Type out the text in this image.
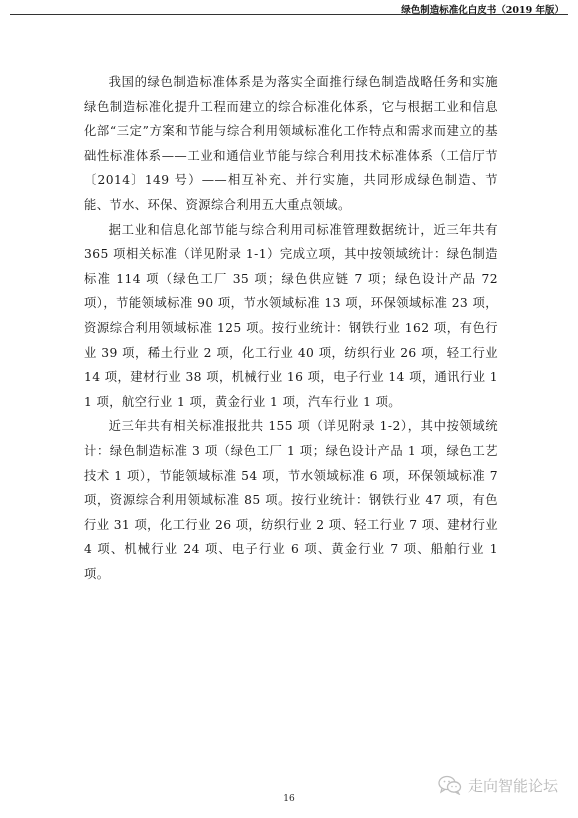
绿色制造标准化白皮书（2019 年版）

我国的绿色制造标准体系是为落实全面推行绿色制造战略任务和实施绿色制造标准化提升工程而建立的综合标准化体系，它与根据工业和信息化部“三定”方案和节能与综合利用领域标准化工作特点和需求而建立的基础性标准体系——工业和通信业节能与综合利用技术标准体系（工信厅节〔2014〕149 号）——相互补充、并行实施，共同形成绿色制造、节能、节水、环保、资源综合利用五大重点领域。

据工业和信息化部节能与综合利用司标准管理数据统计，近三年共有 365 项相关标准（详见附录 1-1）完成立项，其中按领域统计：绿色制造标准 114 项（绿色工厂 35 项；绿色供应链 7 项；绿色设计产品 72 项），节能领域标准 90 项，节水领域标准 13 项，环保领域标准 23 项，资源综合利用领域标准 125 项。按行业统计：钢铁行业 162 项，有色行业 39 项，稀土行业 2 项，化工行业 40 项，纺织行业 26 项，轻工行业 14 项，建材行业 38 项，机械行业 16 项，电子行业 14 项，通讯行业 11 项，航空行业 1 项，黄金行业 1 项，汽车行业 1 项。

近三年共有相关标准报批共 155 项（详见附录 1-2），其中按领域统计：绿色制造标准 3 项（绿色工厂 1 项；绿色设计产品 1 项，绿色工艺技术 1 项），节能领域标准 54 项，节水领域标准 6 项，环保领域标准 7 项，资源综合利用领域标准 85 项。按行业统计：钢铁行业 47 项，有色行业 31 项，化工行业 26 项，纺织行业 2 项、轻工行业 7 项、建材行业 4 项、机械行业 24 项、电子行业 6 项、黄金行业 7 项、船舶行业 1 项。

16
走向智能论坛
